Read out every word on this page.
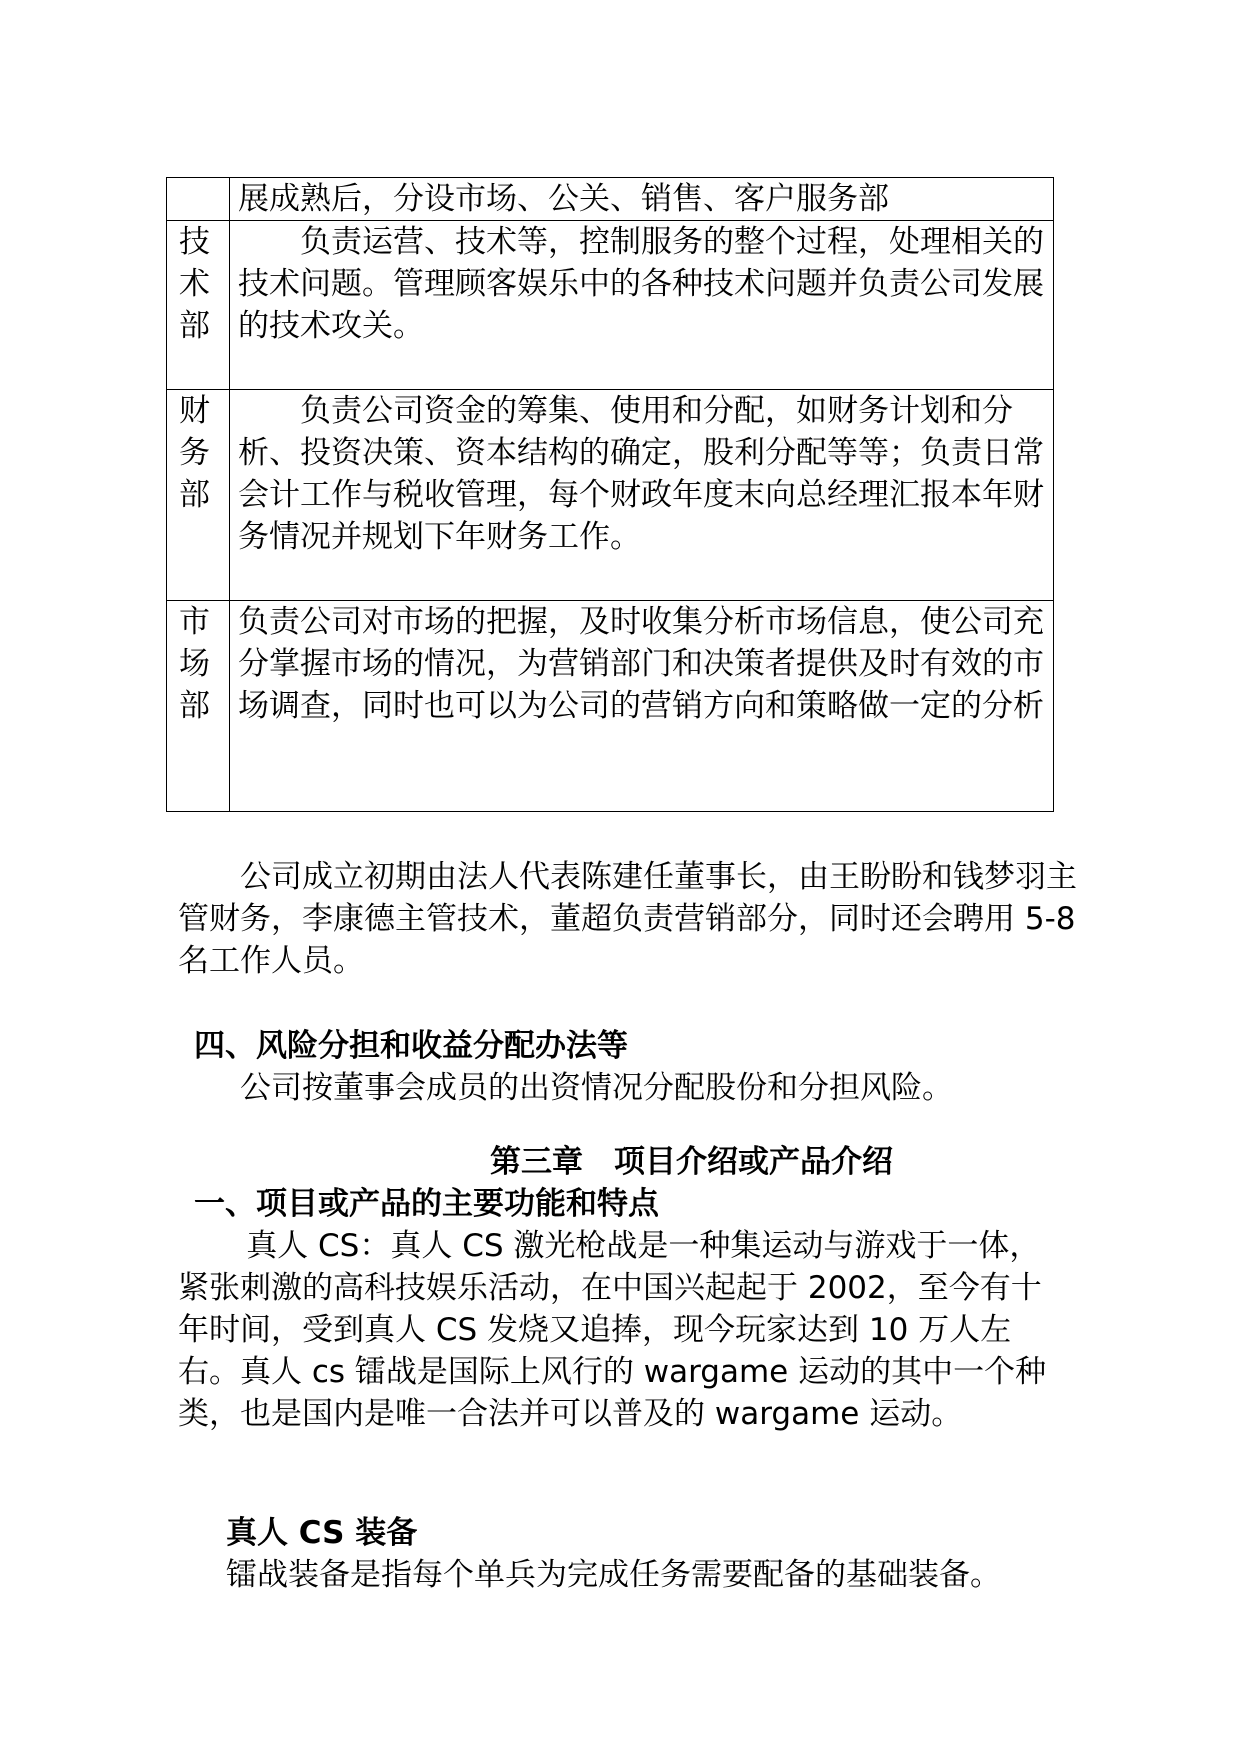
	展成熟后，分设市场、公关、销售、客户服务部

技
术
部	负责运营、技术等，控制服务的整个过程，处理相关的技术问题。管理顾客娱乐中的各种技术问题并负责公司发展的技术攻关。

财
务
部	负责公司资金的筹集、使用和分配，如财务计划和分析、投资决策、资本结构的确定，股利分配等等；负责日常会计工作与税收管理，每个财政年度末向总经理汇报本年财务情况并规划下年财务工作。

市
场
部	负责公司对市场的把握，及时收集分析市场信息，使公司充分掌握市场的情况，为营销部门和决策者提供及时有效的市场调查，同时也可以为公司的营销方向和策略做一定的分析

公司成立初期由法人代表陈建任董事长，由王盼盼和钱梦羽主管财务，李康德主管技术，董超负责营销部分，同时还会聘用 5-8 名工作人员。

四、风险分担和收益分配办法等

公司按董事会成员的出资情况分配股份和分担风险。

第三章　项目介绍或产品介绍

一、项目或产品的主要功能和特点

真人 CS：真人 CS 激光枪战是一种集运动与游戏于一体，紧张刺激的高科技娱乐活动，在中国兴起起于 2002，至今有十年时间，受到真人 CS 发烧又追捧，现今玩家达到 10 万人左右。真人 cs 镭战是国际上风行的 wargame 运动的其中一个种类，也是国内是唯一合法并可以普及的 wargame 运动。

真人 CS 装备

镭战装备是指每个单兵为完成任务需要配备的基础装备。
